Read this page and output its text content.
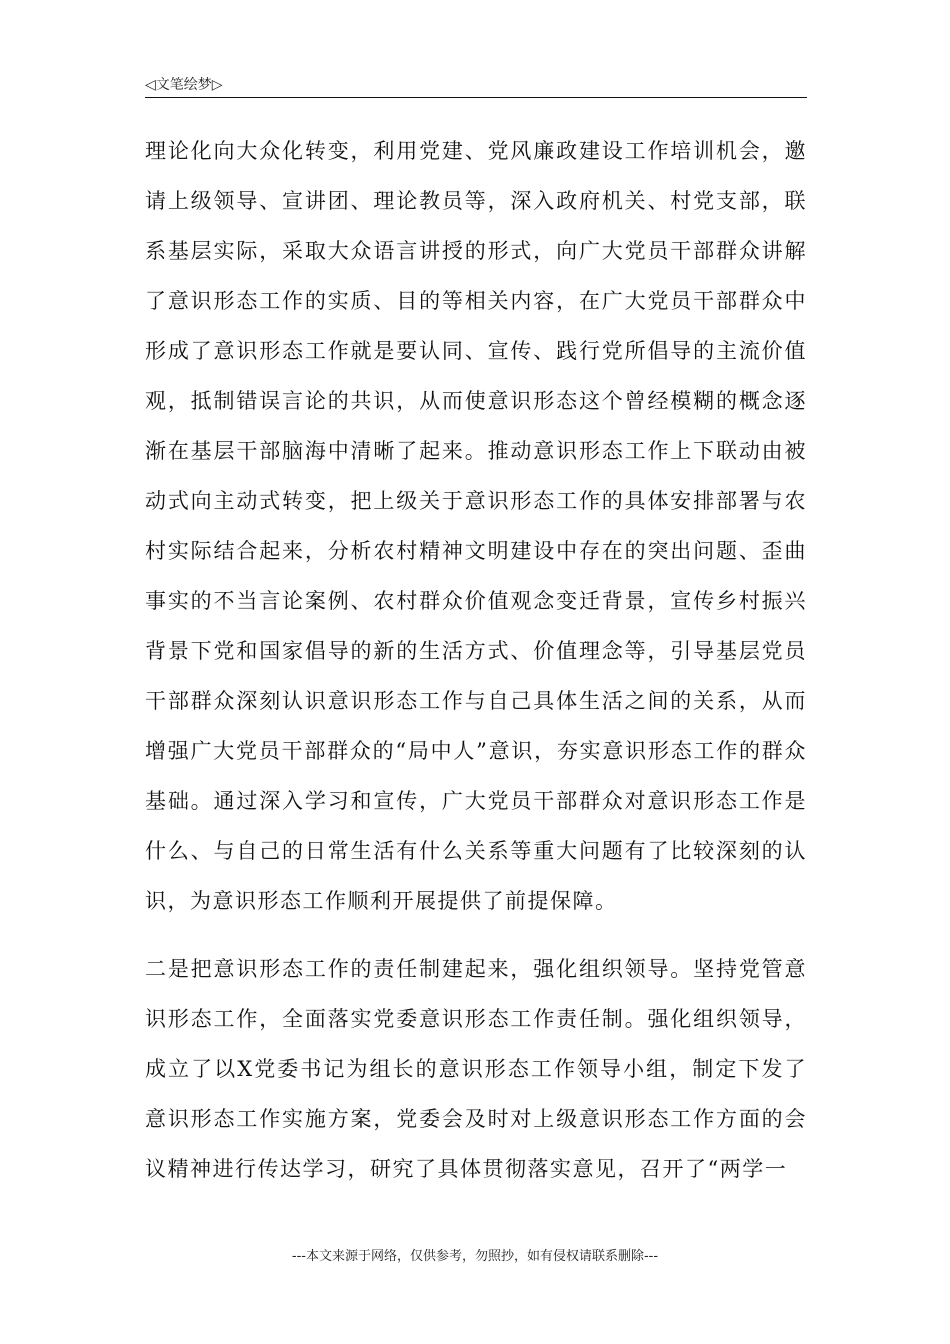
◁文笔绘梦▷

理论化向大众化转变，利用党建、党风廉政建设工作培训机会，邀请上级领导、宣讲团、理论教员等，深入政府机关、村党支部，联系基层实际，采取大众语言讲授的形式，向广大党员干部群众讲解了意识形态工作的实质、目的等相关内容，在广大党员干部群众中形成了意识形态工作就是要认同、宣传、践行党所倡导的主流价值观，抵制错误言论的共识，从而使意识形态这个曾经模糊的概念逐渐在基层干部脑海中清晰了起来。推动意识形态工作上下联动由被动式向主动式转变，把上级关于意识形态工作的具体安排部署与农村实际结合起来，分析农村精神文明建设中存在的突出问题、歪曲事实的不当言论案例、农村群众价值观念变迁背景，宣传乡村振兴背景下党和国家倡导的新的生活方式、价值理念等，引导基层党员干部群众深刻认识意识形态工作与自己具体生活之间的关系，从而增强广大党员干部群众的“局中人”意识，夯实意识形态工作的群众基础。通过深入学习和宣传，广大党员干部群众对意识形态工作是什么、与自己的日常生活有什么关系等重大问题有了比较深刻的认识，为意识形态工作顺利开展提供了前提保障。

二是把意识形态工作的责任制建起来，强化组织领导。坚持党管意识形态工作，全面落实党委意识形态工作责任制。强化组织领导，成立了以X党委书记为组长的意识形态工作领导小组，制定下发了意识形态工作实施方案，党委会及时对上级意识形态工作方面的会议精神进行传达学习，研究了具体贯彻落实意见，召开了“两学一

---本文来源于网络，仅供参考，勿照抄，如有侵权请联系删除---
